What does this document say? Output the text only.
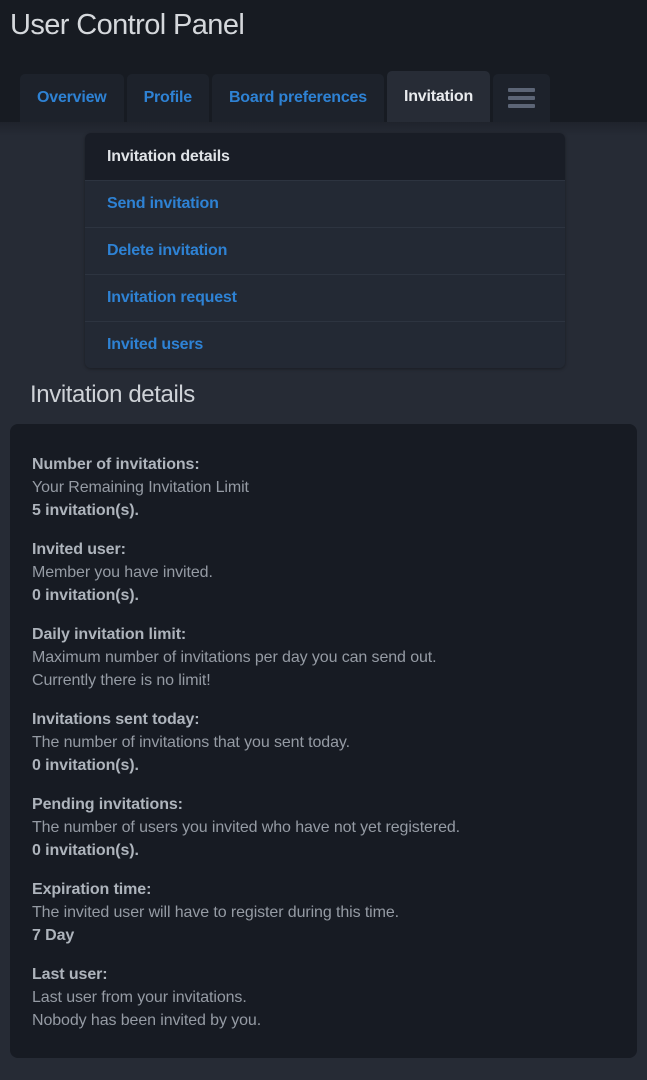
User Control Panel
Overview	Profile	Board preferences	Invitation
Invitation details
Send invitation
Delete invitation
Invitation request
Invited users
Invitation details
Number of invitations:
Your Remaining Invitation Limit
5 invitation(s).
Invited user:
Member you have invited.
0 invitation(s).
Daily invitation limit:
Maximum number of invitations per day you can send out.
Currently there is no limit!
Invitations sent today:
The number of invitations that you sent today.
0 invitation(s).
Pending invitations:
The number of users you invited who have not yet registered.
0 invitation(s).
Expiration time:
The invited user will have to register during this time.
7 Day
Last user:
Last user from your invitations.
Nobody has been invited by you.
